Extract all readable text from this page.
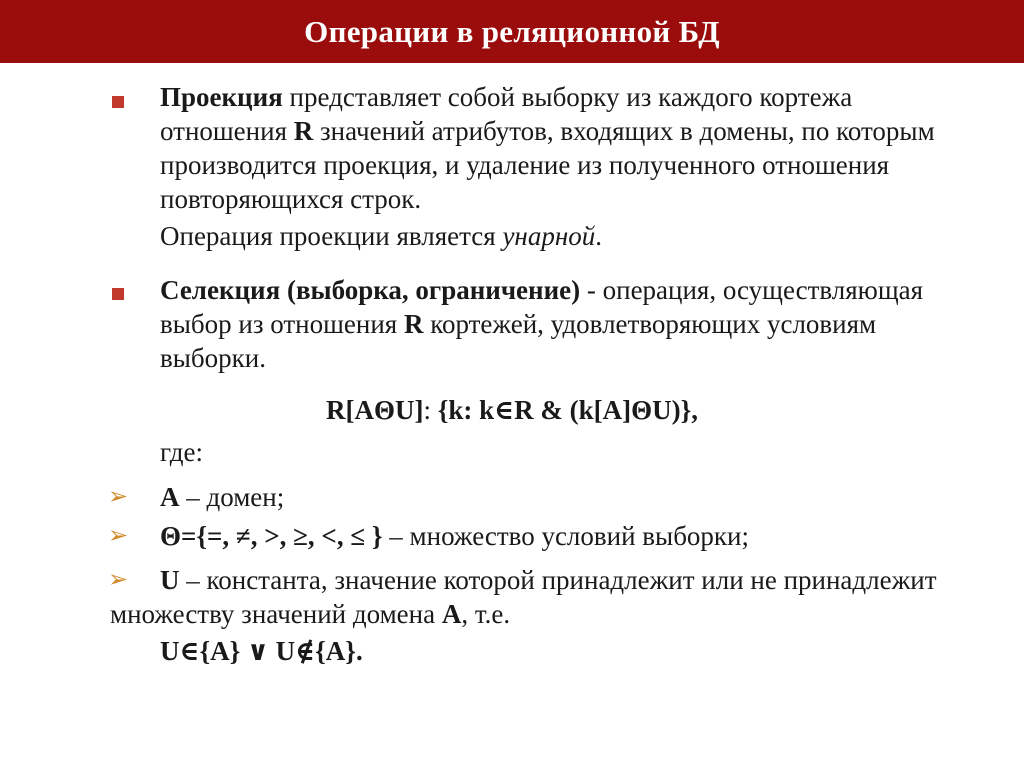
Операции в реляционной БД

Проекция представляет собой выборку из каждого кортежа отношения R значений атрибутов, входящих в домены, по которым производится проекция, и удаление из полученного отношения повторяющихся строк.

Операция проекции является унарной.

Селекция (выборка, ограничение) - операция, осуществляющая выбор из отношения R кортежей, удовлетворяющих условиям выборки.

R[AΘU]: {k: k∈R & (k[A]ΘU)},

где:

➢ A – домен;

➢ Θ={=, ≠, >, ≥, <, ≤ } – множество условий выборки;

➢	U – константа, значение которой принадлежит или не принадлежит множеству значений домена A, т.е.

U∈{A} ∨ U∉{A}.
